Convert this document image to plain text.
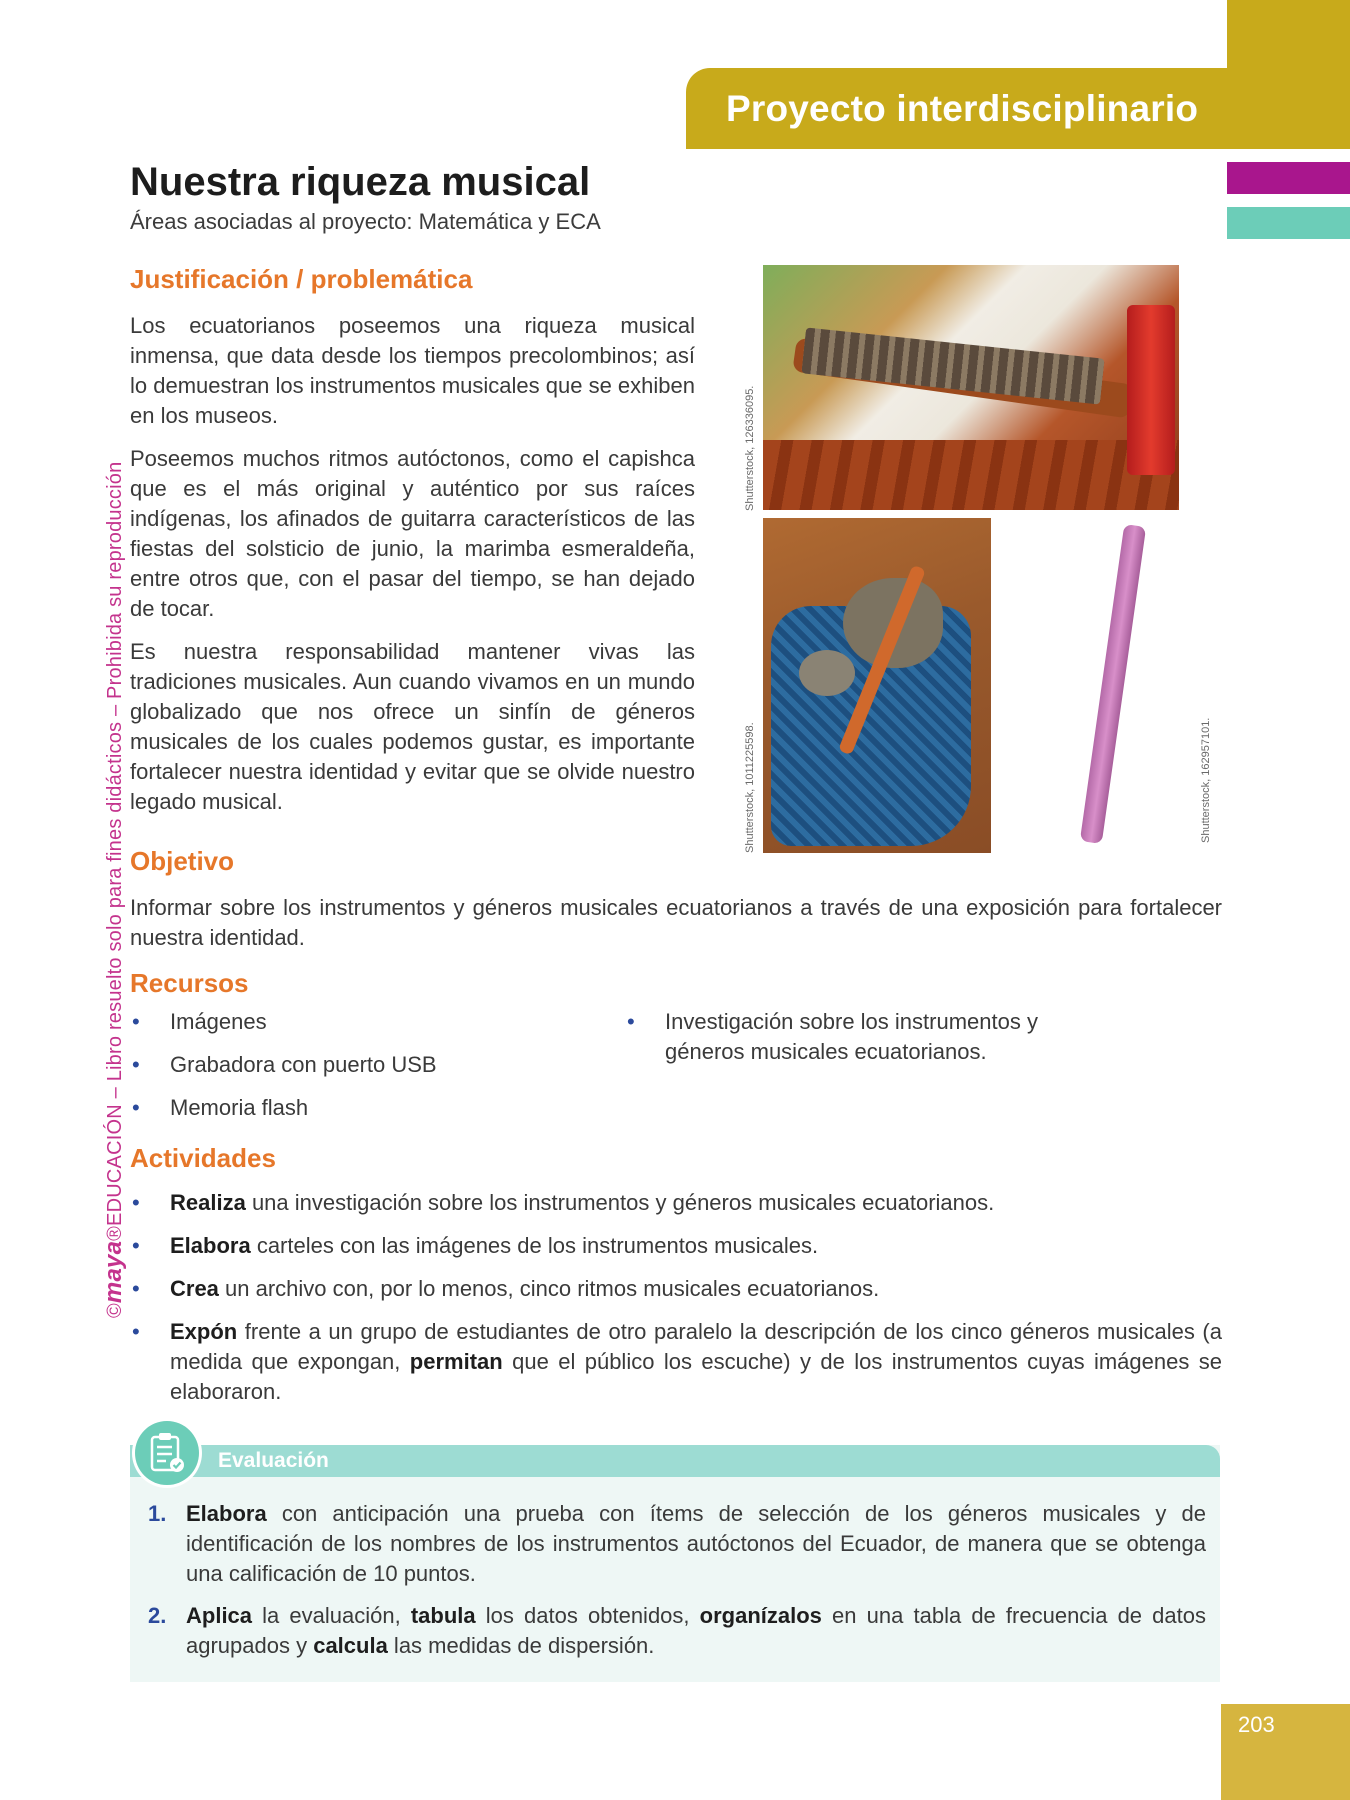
Proyecto interdisciplinario
©maya®EDUCACIÓN – Libro resuelto solo para fines didácticos – Prohibida su reproducción
Nuestra riqueza musical
Áreas asociadas al proyecto: Matemática y ECA
Justificación / problemática

Los ecuatorianos poseemos una riqueza musical inmensa, que data desde los tiempos precolombinos; así lo demuestran los instrumentos musicales que se exhiben en los museos.

Poseemos muchos ritmos autóctonos, como el capishca que es el más original y auténtico por sus raíces indígenas, los afinados de guitarra característicos de las fiestas del solsticio de junio, la marimba esmeraldeña, entre otros que, con el pasar del tiempo, se han dejado de tocar.

Es nuestra responsabilidad mantener vivas las tradiciones musicales. Aun cuando vivamos en un mundo globalizado que nos ofrece un sinfín de géneros musicales de los cuales podemos gustar, es importante fortalecer nuestra identidad y evitar que se olvide nuestro legado musical.

Shutterstock, 126336095.
Shutterstock, 1011225598.	Shutterstock, 162957101.
Objetivo

Informar sobre los instrumentos y géneros musicales ecuatorianos a través de una exposición para fortalecer nuestra identidad.

Recursos
• Imágenes
• Grabadora con puerto USB
• Memoria flash
• Investigación sobre los instrumentos y géneros musicales ecuatorianos.
Actividades
• Realiza una investigación sobre los instrumentos y géneros musicales ecuatorianos.
• Elabora carteles con las imágenes de los instrumentos musicales.
• Crea un archivo con, por lo menos, cinco ritmos musicales ecuatorianos.
• Expón frente a un grupo de estudiantes de otro paralelo la descripción de los cinco géneros musicales (a medida que expongan, permitan que el público los escuche) y de los instrumentos cuyas imágenes se elaboraron.
Evaluación
1. Elabora con anticipación una prueba con ítems de selección de los géneros musicales y de identificación de los nombres de los instrumentos autóctonos del Ecuador, de manera que se obtenga una calificación de 10 puntos.
2. Aplica la evaluación, tabula los datos obtenidos, organízalos en una tabla de frecuencia de datos agrupados y calcula las medidas de dispersión.
203
